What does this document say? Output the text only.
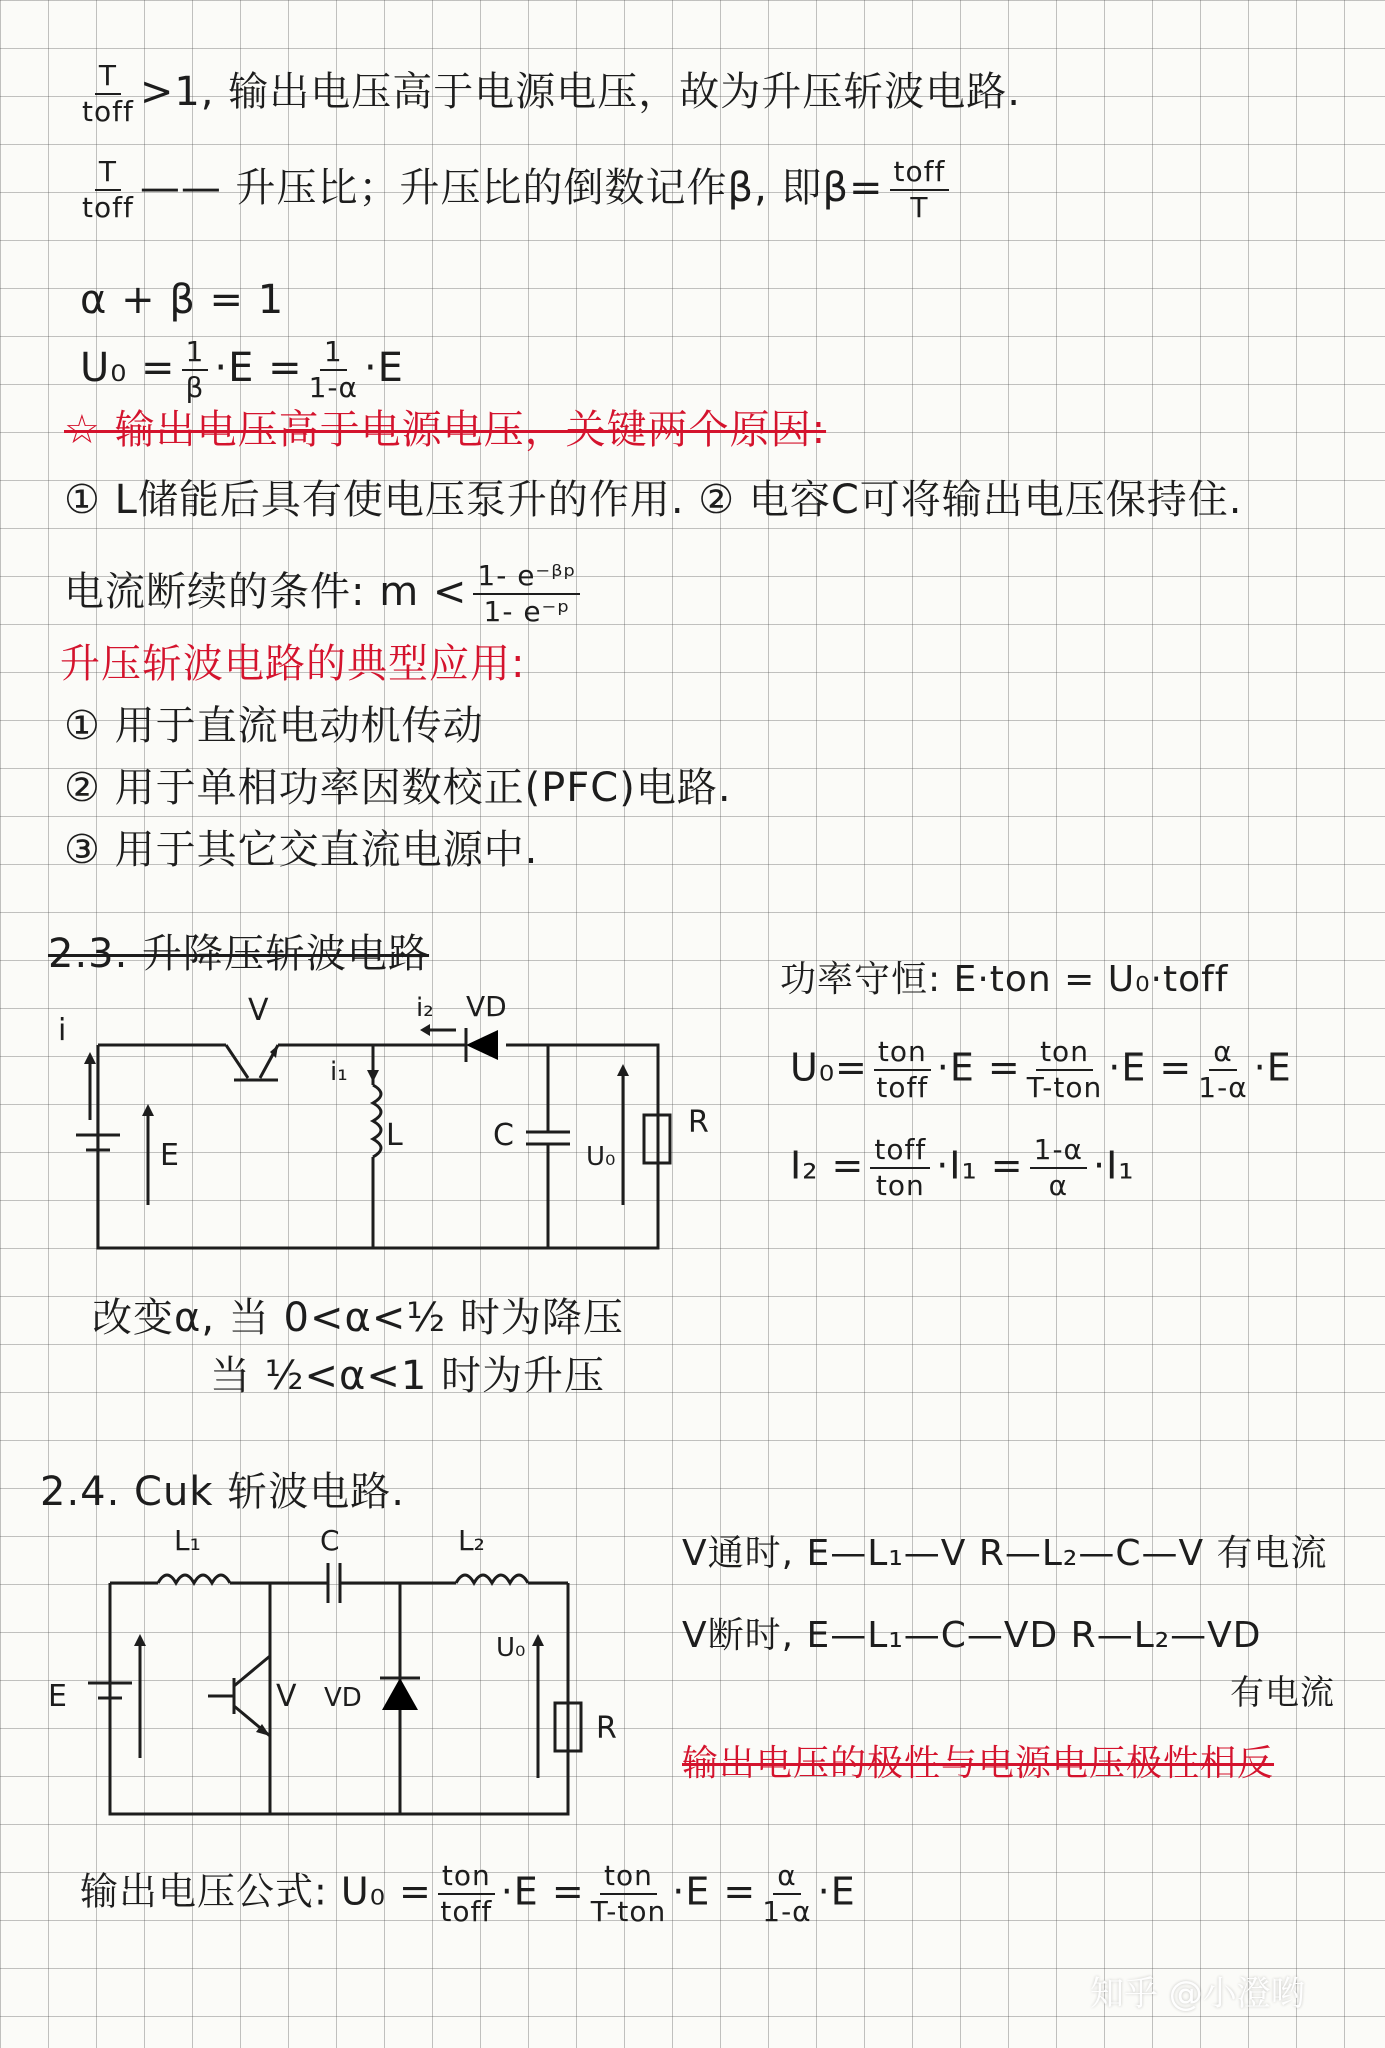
$\frac{T}{\text{toff}} >1$, 输出电压高于电源电压，故为升压斩波电路.
$\frac{T}{\text{toff}}$ —— 升压比；升压比的倒数记作β, 即$\beta= \frac{\text{toff}}{T}$
α + β = 1
$U_0 = \frac{1}{\beta} \cdot E = \frac{1}{1-\alpha} \cdot E$
☆ 输出电压高于电源电压，关键两个原因:
① L储能后具有使电压泵升的作用. ② 电容C可将输出电压保持住.
电流断续的条件: $m < \frac{\text{1- e⁻ᵝᵖ}}{\text{1- e⁻ᵖ}}$
升压斩波电路的典型应用:
① 用于直流电动机传动
② 用于单相功率因数校正(PFC)电路.
③ 用于其它交直流电源中.
2.3. 升降压斩波电路
i
V	i₂ VD
i₁
E
L	C
U₀
R
功率守恒: E·ton = U₀·toff
$U_0= \frac{\text{ton}}{\text{toff}} \cdot E = \frac{\text{ton}}{\text{T-ton}} \cdot E = \frac{\alpha}{1-\alpha} \cdot E$
$I_2 = \frac{\text{toff}}{\text{ton}} \cdot I_1 = \frac{1-\alpha}{\alpha} \cdot I_1$
改变α, 当 0<α<½ 时为降压
当 ½<α<1 时为升压
2.4. Cuk 斩波电路.
L₁	C	L₂
U₀
E	V VD
R
V通时, E—L₁—V R—L₂—C—V 有电流
V断时, E—L₁—C—VD R—L₂—VD
有电流
输出电压的极性与电源电压极性相反
输出电压公式: $U_0 = \frac{\text{ton}}{\text{toff}} \cdot E = \frac{\text{ton}}{\text{T-ton}} \cdot E = \frac{\alpha}{1-\alpha} \cdot E$
知乎 @小澄哟
